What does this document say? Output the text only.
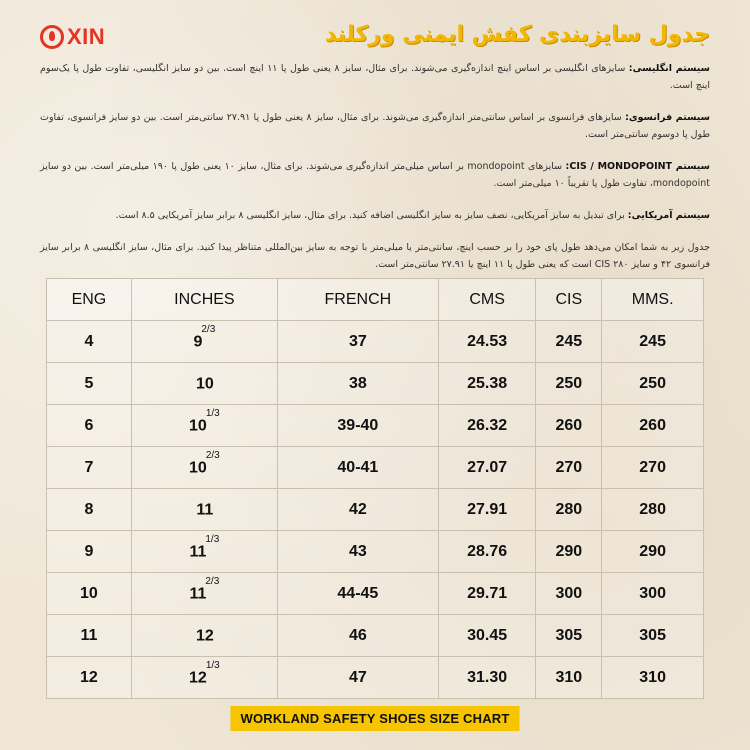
XIN	جدول سایزبندی کفش ایمنی ورکلند

سیستم انگلیسی: سایزهای انگلیسی بر اساس اینچ اندازه‌گیری می‌شوند. برای مثال، سایز ۸ یعنی طول پا ۱۱ اینچ است. بین دو سایز انگلیسی، تفاوت طول پا یک‌سوم اینچ است.

سیستم فرانسوی: سایزهای فرانسوی بر اساس سانتی‌متر اندازه‌گیری می‌شوند. برای مثال، سایز ۸ یعنی طول پا ۲۷.۹۱ سانتی‌متر است. بین دو سایز فرانسوی، تفاوت طول پا دوسوم سانتی‌متر است.

سیستم CIS / MONDOPOINT: سایزهای mondopoint بر اساس میلی‌متر اندازه‌گیری می‌شوند. برای مثال، سایز ۱۰ یعنی طول پا ۱۹۰ میلی‌متر است. بین دو سایز mondopoint، تفاوت طول پا تقریباً ۱۰ میلی‌متر است.

سیستم آمریکایی: برای تبدیل به سایز آمریکایی، نصف سایز به سایز انگلیسی اضافه کنید. برای مثال، سایز انگلیسی ۸ برابر سایز آمریکایی ۸.۵ است.

جدول زیر به شما امکان می‌دهد طول پای خود را بر حسب اینچ، سانتی‌متر یا میلی‌متر با توجه به سایز بین‌المللی متناظر پیدا کنید. برای مثال، سایز انگلیسی ۸ برابر سایز فرانسوی ۴۲ و سایز CIS ۲۸۰ است که یعنی طول پا ۱۱ اینچ یا ۲۷.۹۱ سانتی‌متر است.

ENG	INCHES	FRENCH	CMS	CIS	MMS.
4	$9^{2/3}$	37	24.53	245	245
5	10	38	25.38	250	250
6	$10^{1/3}$	39-40	26.32	260	260
7	$10^{2/3}$	40-41	27.07	270	270
8	11	42	27.91	280	280
9	$11^{1/3}$	43	28.76	290	290
10	$11^{2/3}$	44-45	29.71	300	300
11	12	46	30.45	305	305
12	$12^{1/3}$	47	31.30	310	310
WORKLAND SAFETY SHOES SIZE CHART
